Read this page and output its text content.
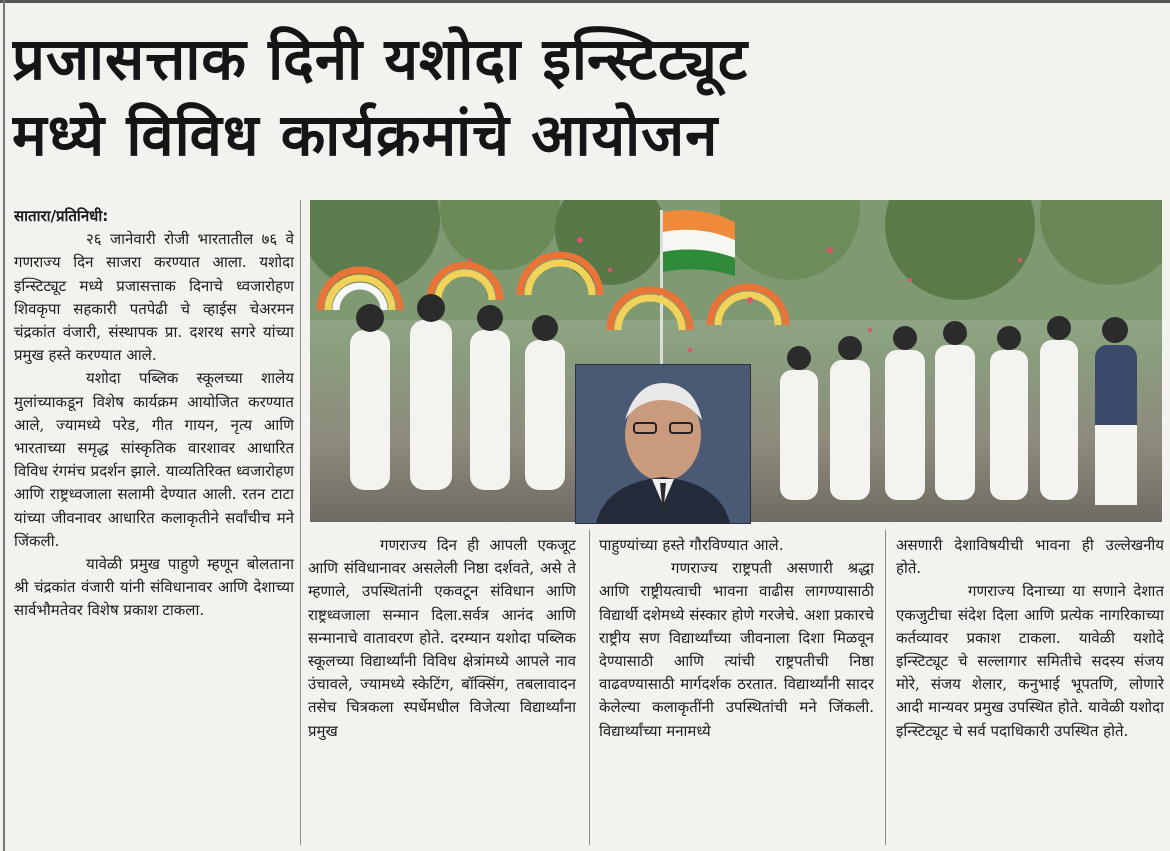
प्रजासत्ताक दिनी यशोदा इन्स्टिट्यूट
मध्ये विविध कार्यक्रमांचे आयोजन

सातारा/प्रतिनिधी:

२६ जानेवारी रोजी भारतातील ७६ वे गणराज्य दिन साजरा करण्यात आला. यशोदा इन्स्टिट्यूट मध्ये प्रजासत्ताक दिनाचे ध्वजारोहण शिवकृपा सहकारी पतपेढी चे व्हाईस चेअरमन चंद्रकांत वंजारी, संस्थापक प्रा. दशरथ सगरे यांच्या प्रमुख हस्ते करण्यात आले.

यशोदा पब्लिक स्कूलच्या शालेय मुलांच्याकडून विशेष कार्यक्रम आयोजित करण्यात आले, ज्यामध्ये परेड, गीत गायन, नृत्य आणि भारताच्या समृद्ध सांस्कृतिक वारशावर आधारित विविध रंगमंच प्रदर्शन झाले. याव्यतिरिक्त ध्वजारोहण आणि राष्ट्रध्वजाला सलामी देण्यात आली. रतन टाटा यांच्या जीवनावर आधारित कलाकृतीने सर्वांचीच मने जिंकली.

यावेळी प्रमुख पाहुणे म्हणून बोलताना श्री चंद्रकांत वंजारी यांनी संविधानावर आणि देशाच्या सार्वभौमतेवर विशेष प्रकाश टाकला.

गणराज्य दिन ही आपली एकजूट आणि संविधानावर असलेली निष्ठा दर्शवते, असे ते म्हणाले, उपस्थितांनी एकवटून संविधान आणि राष्ट्रध्वजाला सन्मान दिला.सर्वत्र आनंद आणि सन्मानाचे वातावरण होते. दरम्यान यशोदा पब्लिक स्कूलच्या विद्यार्थ्यांनी विविध क्षेत्रांमध्ये आपले नाव उंचावले, ज्यामध्ये स्केटिंग, बॉक्सिंग, तबलावादन तसेच चित्रकला स्पर्धेमधील विजेत्या विद्यार्थ्यांना प्रमुख

पाहुण्यांच्या हस्ते गौरविण्यात आले.

गणराज्य राष्ट्रपती असणारी श्रद्धा आणि राष्ट्रीयत्वाची भावना वाढीस लागण्यासाठी विद्यार्थी दशेमध्ये संस्कार होणे गरजेचे. अशा प्रकारचे राष्ट्रीय सण विद्यार्थ्यांच्या जीवनाला दिशा मिळवून देण्यासाठी आणि त्यांची राष्ट्रपतीची निष्ठा वाढवण्यासाठी मार्गदर्शक ठरतात. विद्यार्थ्यांनी सादर केलेल्या कलाकृतींनी उपस्थितांची मने जिंकली. विद्यार्थ्यांच्या मनामध्ये

असणारी देशाविषयीची भावना ही उल्लेखनीय होते.

गणराज्य दिनाच्या या सणाने देशात एकजुटीचा संदेश दिला आणि प्रत्येक नागरिकाच्या कर्तव्यावर प्रकाश टाकला. यावेळी यशोदे इन्स्टिट्यूट चे सल्लागार समितीचे सदस्य संजय मोरे, संजय शेलार, कनुभाई भूपतणि, लोणारे आदी मान्यवर प्रमुख उपस्थित होते. यावेळी यशोदा इन्स्टिट्यूट चे सर्व पदाधिकारी उपस्थित होते.
